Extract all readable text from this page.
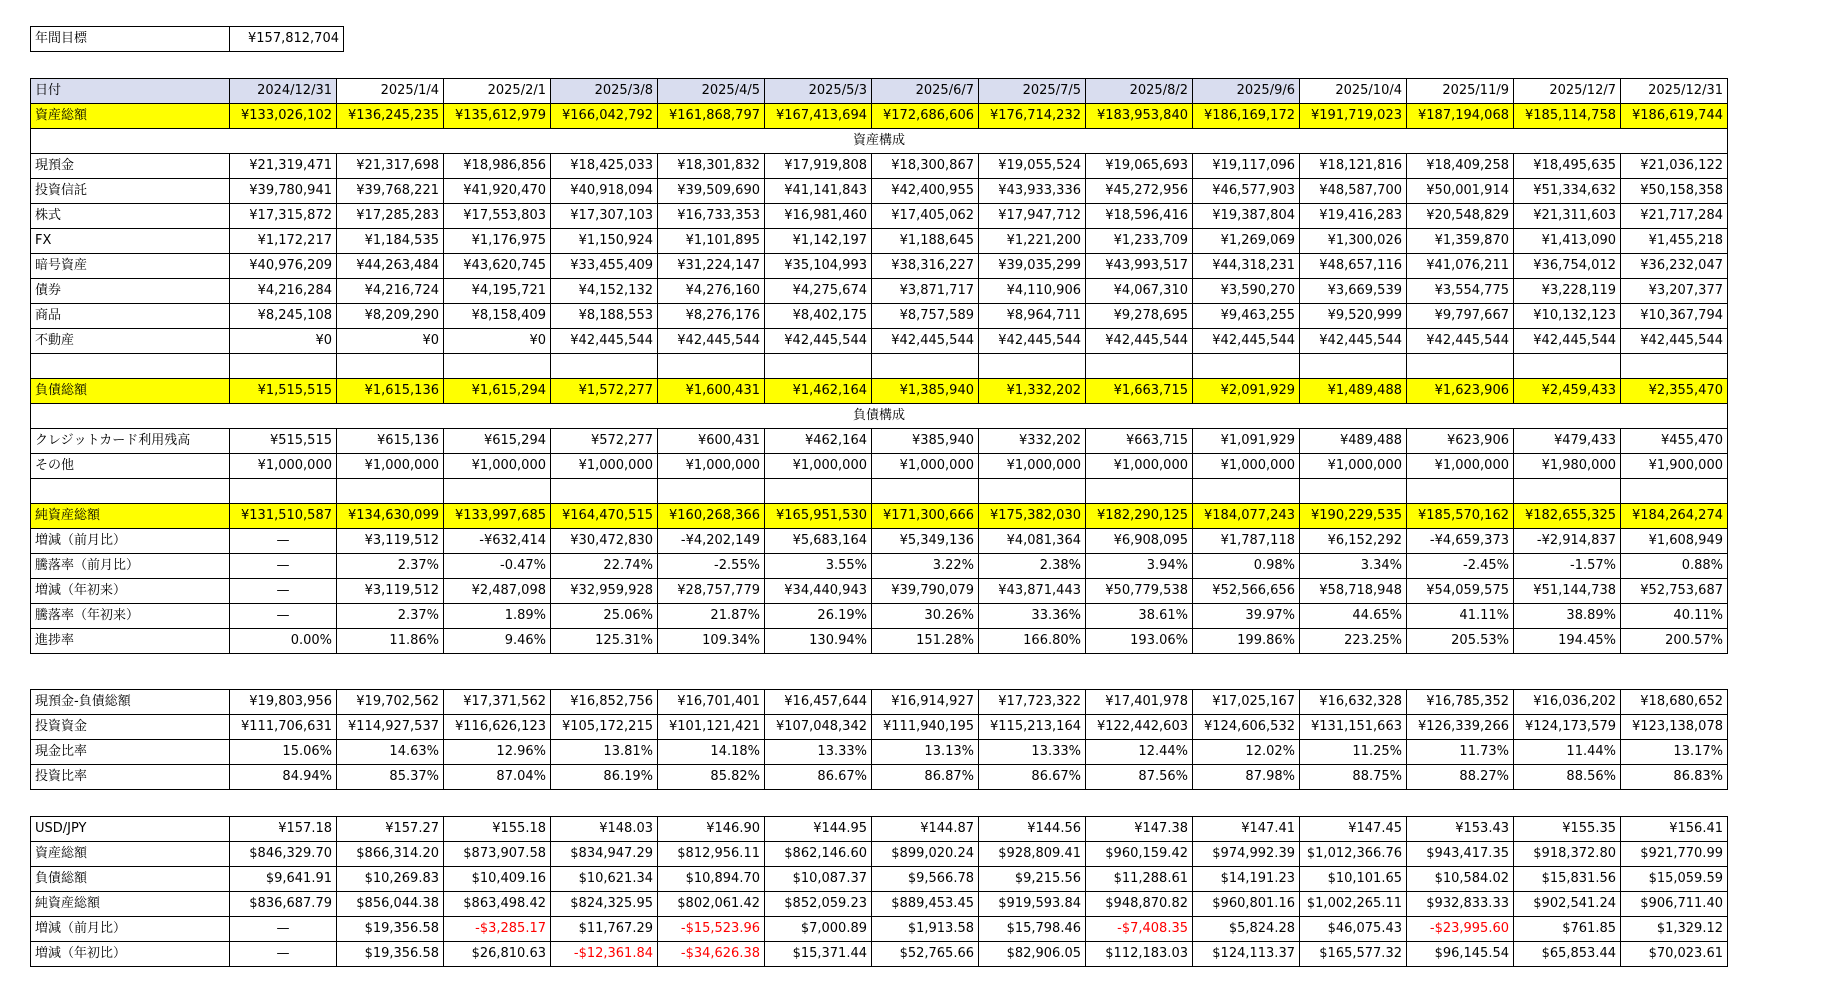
年間目標	¥157,812,704
日付	2024/12/31	2025/1/4	2025/2/1	2025/3/8	2025/4/5	2025/5/3	2025/6/7	2025/7/5	2025/8/2	2025/9/6	2025/10/4	2025/11/9	2025/12/7	2025/12/31
資産総額	¥133,026,102	¥136,245,235	¥135,612,979	¥166,042,792	¥161,868,797	¥167,413,694	¥172,686,606	¥176,714,232	¥183,953,840	¥186,169,172	¥191,719,023	¥187,194,068	¥185,114,758	¥186,619,744
資産構成														
現預金	¥21,319,471	¥21,317,698	¥18,986,856	¥18,425,033	¥18,301,832	¥17,919,808	¥18,300,867	¥19,055,524	¥19,065,693	¥19,117,096	¥18,121,816	¥18,409,258	¥18,495,635	¥21,036,122
投資信託	¥39,780,941	¥39,768,221	¥41,920,470	¥40,918,094	¥39,509,690	¥41,141,843	¥42,400,955	¥43,933,336	¥45,272,956	¥46,577,903	¥48,587,700	¥50,001,914	¥51,334,632	¥50,158,358
株式	¥17,315,872	¥17,285,283	¥17,553,803	¥17,307,103	¥16,733,353	¥16,981,460	¥17,405,062	¥17,947,712	¥18,596,416	¥19,387,804	¥19,416,283	¥20,548,829	¥21,311,603	¥21,717,284
FX	¥1,172,217	¥1,184,535	¥1,176,975	¥1,150,924	¥1,101,895	¥1,142,197	¥1,188,645	¥1,221,200	¥1,233,709	¥1,269,069	¥1,300,026	¥1,359,870	¥1,413,090	¥1,455,218
暗号資産	¥40,976,209	¥44,263,484	¥43,620,745	¥33,455,409	¥31,224,147	¥35,104,993	¥38,316,227	¥39,035,299	¥43,993,517	¥44,318,231	¥48,657,116	¥41,076,211	¥36,754,012	¥36,232,047
債券	¥4,216,284	¥4,216,724	¥4,195,721	¥4,152,132	¥4,276,160	¥4,275,674	¥3,871,717	¥4,110,906	¥4,067,310	¥3,590,270	¥3,669,539	¥3,554,775	¥3,228,119	¥3,207,377
商品	¥8,245,108	¥8,209,290	¥8,158,409	¥8,188,553	¥8,276,176	¥8,402,175	¥8,757,589	¥8,964,711	¥9,278,695	¥9,463,255	¥9,520,999	¥9,797,667	¥10,132,123	¥10,367,794
不動産	¥0	¥0	¥0	¥42,445,544	¥42,445,544	¥42,445,544	¥42,445,544	¥42,445,544	¥42,445,544	¥42,445,544	¥42,445,544	¥42,445,544	¥42,445,544	¥42,445,544

負債総額	¥1,515,515	¥1,615,136	¥1,615,294	¥1,572,277	¥1,600,431	¥1,462,164	¥1,385,940	¥1,332,202	¥1,663,715	¥2,091,929	¥1,489,488	¥1,623,906	¥2,459,433	¥2,355,470
負債構成														
クレジットカード利用残高	¥515,515	¥615,136	¥615,294	¥572,277	¥600,431	¥462,164	¥385,940	¥332,202	¥663,715	¥1,091,929	¥489,488	¥623,906	¥479,433	¥455,470
その他	¥1,000,000	¥1,000,000	¥1,000,000	¥1,000,000	¥1,000,000	¥1,000,000	¥1,000,000	¥1,000,000	¥1,000,000	¥1,000,000	¥1,000,000	¥1,000,000	¥1,980,000	¥1,900,000

純資産総額	¥131,510,587	¥134,630,099	¥133,997,685	¥164,470,515	¥160,268,366	¥165,951,530	¥171,300,666	¥175,382,030	¥182,290,125	¥184,077,243	¥190,229,535	¥185,570,162	¥182,655,325	¥184,264,274
増減（前月比）	—	¥3,119,512	-¥632,414	¥30,472,830	-¥4,202,149	¥5,683,164	¥5,349,136	¥4,081,364	¥6,908,095	¥1,787,118	¥6,152,292	-¥4,659,373	-¥2,914,837	¥1,608,949
騰落率（前月比）	—	2.37%	-0.47%	22.74%	-2.55%	3.55%	3.22%	2.38%	3.94%	0.98%	3.34%	-2.45%	-1.57%	0.88%
増減（年初来）	—	¥3,119,512	¥2,487,098	¥32,959,928	¥28,757,779	¥34,440,943	¥39,790,079	¥43,871,443	¥50,779,538	¥52,566,656	¥58,718,948	¥54,059,575	¥51,144,738	¥52,753,687
騰落率（年初来）	—	2.37%	1.89%	25.06%	21.87%	26.19%	30.26%	33.36%	38.61%	39.97%	44.65%	41.11%	38.89%	40.11%
進捗率	0.00%	11.86%	9.46%	125.31%	109.34%	130.94%	151.28%	166.80%	193.06%	199.86%	223.25%	205.53%	194.45%	200.57%
現預金-負債総額	¥19,803,956	¥19,702,562	¥17,371,562	¥16,852,756	¥16,701,401	¥16,457,644	¥16,914,927	¥17,723,322	¥17,401,978	¥17,025,167	¥16,632,328	¥16,785,352	¥16,036,202	¥18,680,652
投資資金	¥111,706,631	¥114,927,537	¥116,626,123	¥105,172,215	¥101,121,421	¥107,048,342	¥111,940,195	¥115,213,164	¥122,442,603	¥124,606,532	¥131,151,663	¥126,339,266	¥124,173,579	¥123,138,078
現金比率	15.06%	14.63%	12.96%	13.81%	14.18%	13.33%	13.13%	13.33%	12.44%	12.02%	11.25%	11.73%	11.44%	13.17%
投資比率	84.94%	85.37%	87.04%	86.19%	85.82%	86.67%	86.87%	86.67%	87.56%	87.98%	88.75%	88.27%	88.56%	86.83%
USD/JPY	¥157.18	¥157.27	¥155.18	¥148.03	¥146.90	¥144.95	¥144.87	¥144.56	¥147.38	¥147.41	¥147.45	¥153.43	¥155.35	¥156.41
資産総額	$846,329.70	$866,314.20	$873,907.58	$834,947.29	$812,956.11	$862,146.60	$899,020.24	$928,809.41	$960,159.42	$974,992.39	$1,012,366.76	$943,417.35	$918,372.80	$921,770.99
負債総額	$9,641.91	$10,269.83	$10,409.16	$10,621.34	$10,894.70	$10,087.37	$9,566.78	$9,215.56	$11,288.61	$14,191.23	$10,101.65	$10,584.02	$15,831.56	$15,059.59
純資産総額	$836,687.79	$856,044.38	$863,498.42	$824,325.95	$802,061.42	$852,059.23	$889,453.45	$919,593.84	$948,870.82	$960,801.16	$1,002,265.11	$932,833.33	$902,541.24	$906,711.40
増減（前月比）	—	$19,356.58	-$3,285.17	$11,767.29	-$15,523.96	$7,000.89	$1,913.58	$15,798.46	-$7,408.35	$5,824.28	$46,075.43	-$23,995.60	$761.85	$1,329.12
増減（年初比）	—	$19,356.58	$26,810.63	-$12,361.84	-$34,626.38	$15,371.44	$52,765.66	$82,906.05	$112,183.03	$124,113.37	$165,577.32	$96,145.54	$65,853.44	$70,023.61
